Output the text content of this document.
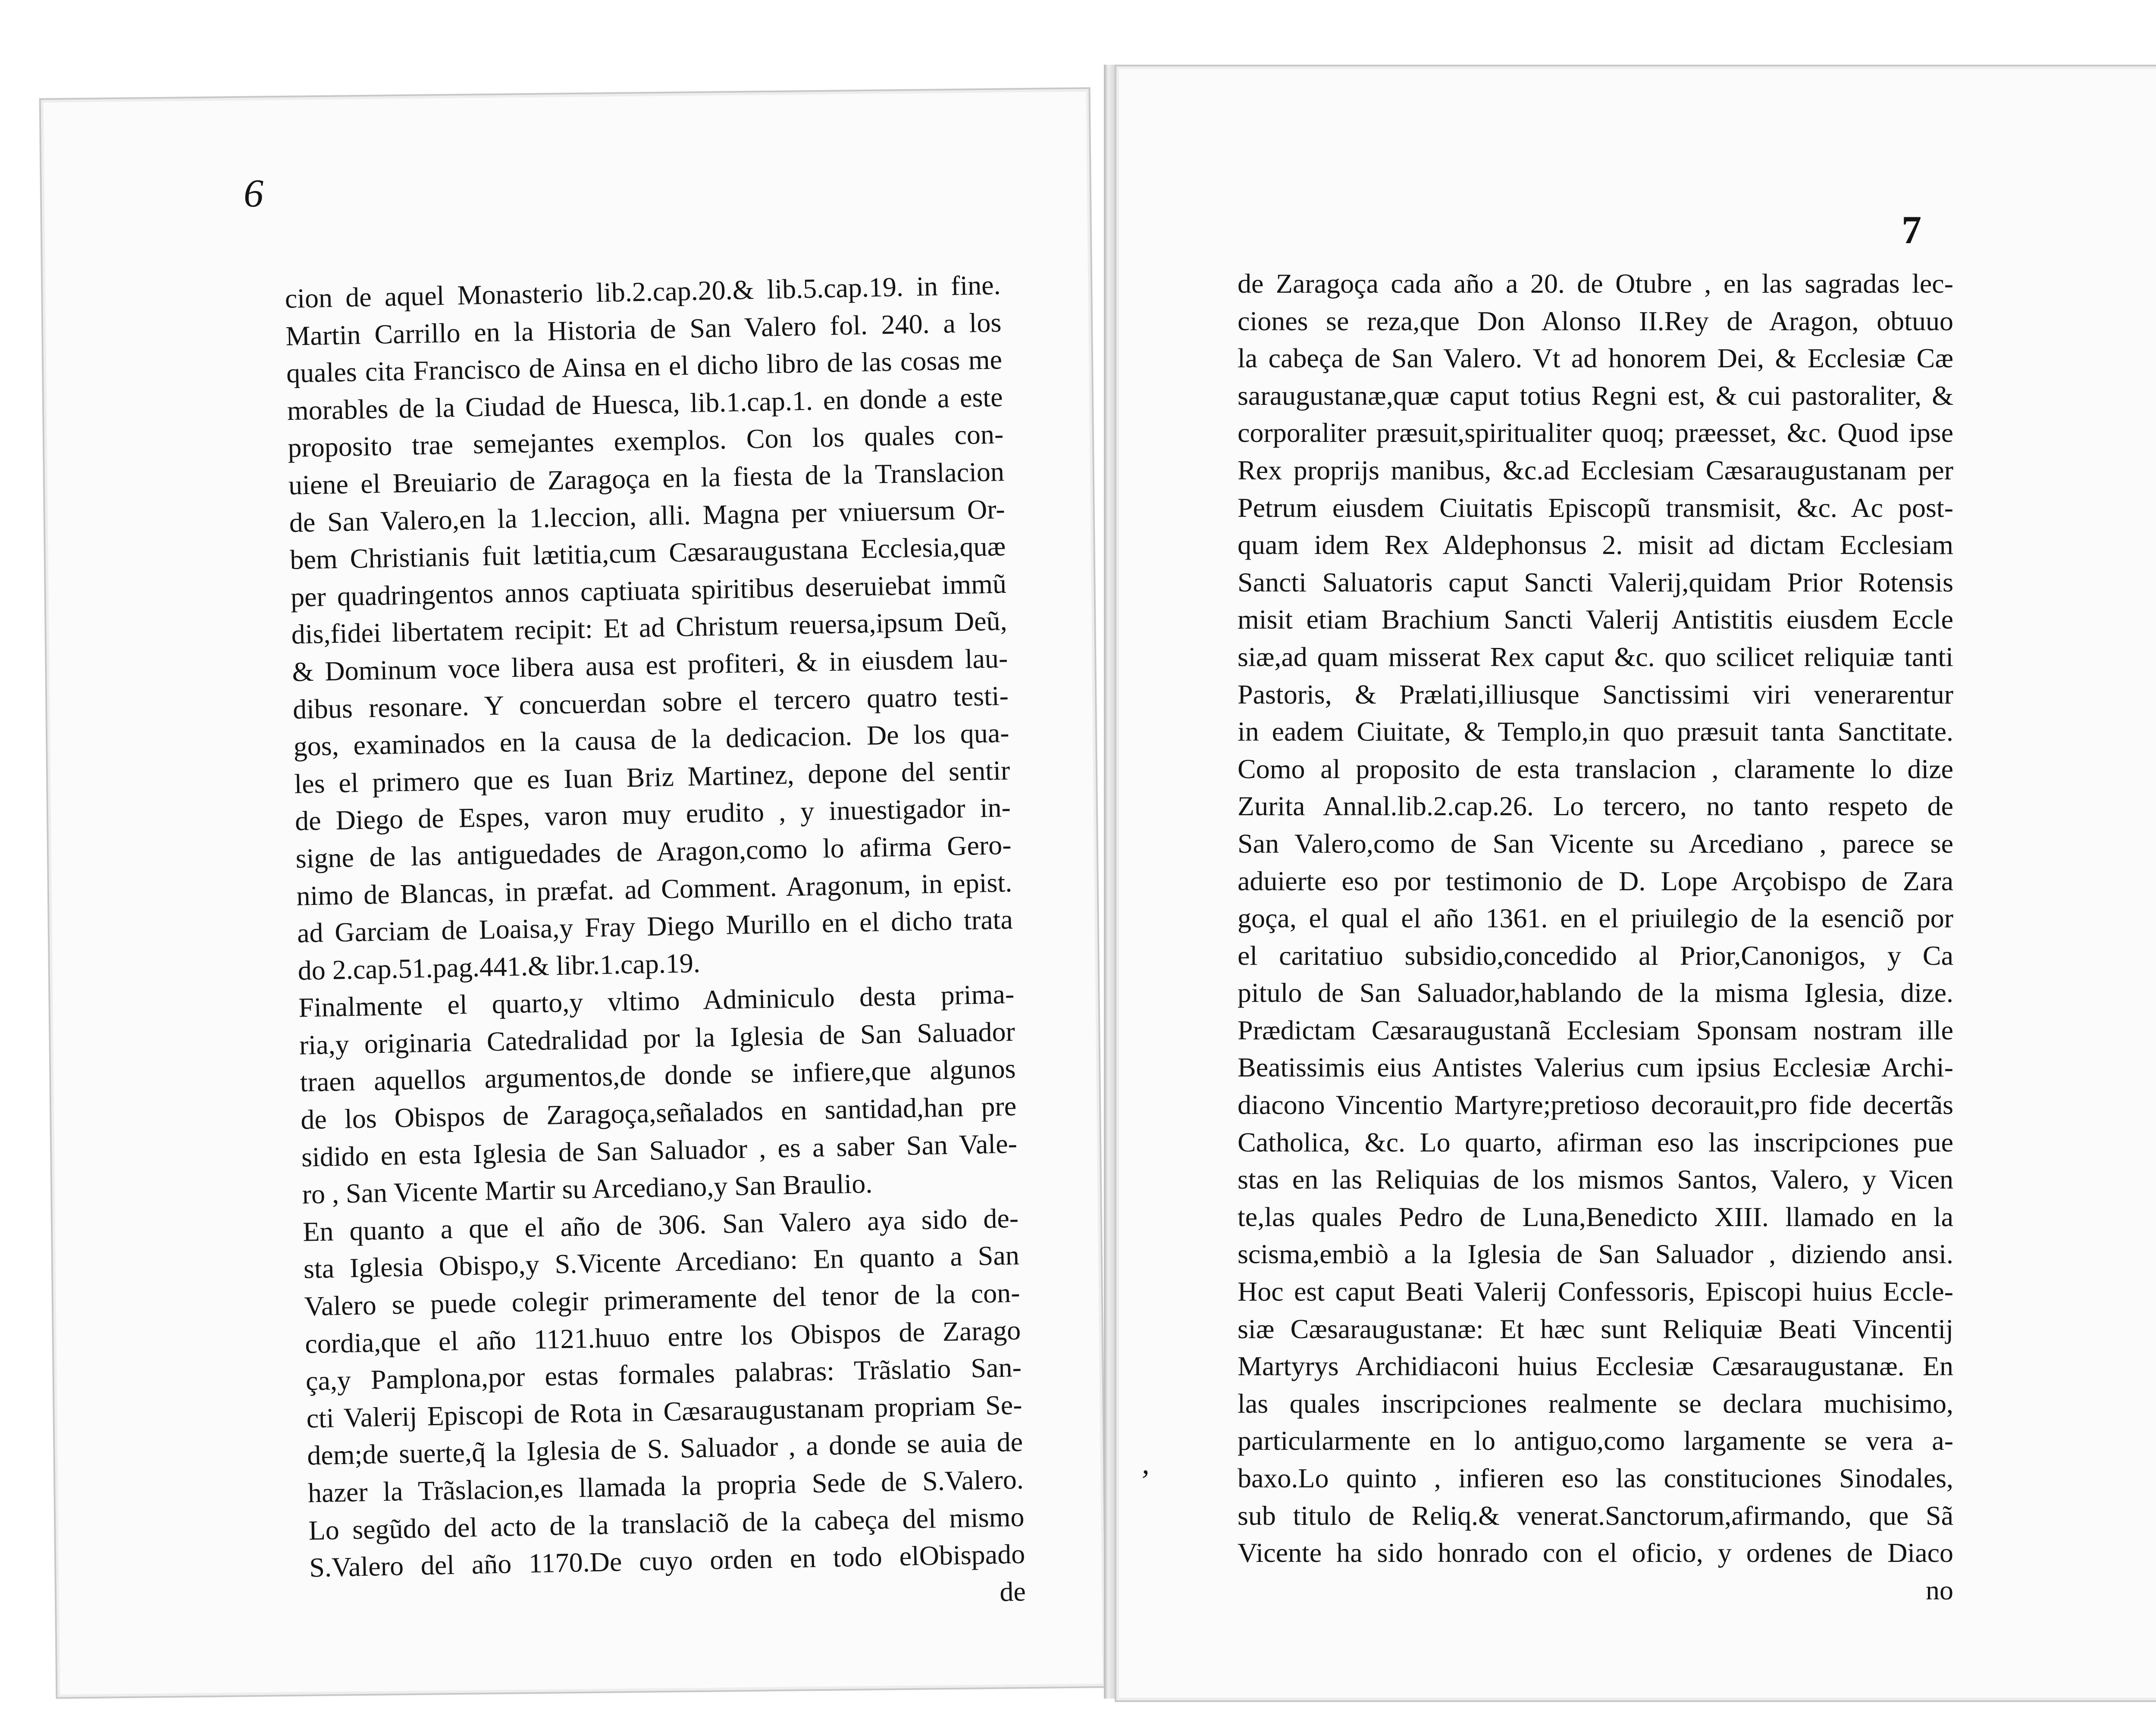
6
7
cion de aquel Monasterio lib.2.cap.20.& lib.5.cap.19. in fine.
Martin Carrillo en la Historia de San Valero fol. 240. a los
quales cita Francisco de Ainsa en el dicho libro de las cosas me
morables de la Ciudad de Huesca, lib.1.cap.1. en donde a este
proposito trae semejantes exemplos. Con los quales con-
uiene el Breuiario de Zaragoça en la fiesta de la Translacion
de San Valero,en la 1.leccion, alli. Magna per vniuersum Or-
bem Christianis fuit lætitia,cum Cæsaraugustana Ecclesia,quæ
per quadringentos annos captiuata spiritibus deseruiebat immũ
dis,fidei libertatem recipit: Et ad Christum reuersa,ipsum Deũ,
& Dominum voce libera ausa est profiteri, & in eiusdem lau-
dibus resonare. Y concuerdan sobre el tercero quatro testi-
gos, examinados en la causa de la dedicacion. De los qua-
les el primero que es Iuan Briz Martinez, depone del sentir
de Diego de Espes, varon muy erudito , y inuestigador in-
signe de las antiguedades de Aragon,como lo afirma Gero-
nimo de Blancas, in præfat. ad Comment. Aragonum, in epist.
ad Garciam de Loaisa,y Fray Diego Murillo en el dicho trata
do 2.cap.51.pag.441.& libr.1.cap.19.
Finalmente el quarto,y vltimo Adminiculo desta prima-
ria,y originaria Catedralidad por la Iglesia de San Saluador
traen aquellos argumentos,de donde se infiere,que algunos
de los Obispos de Zaragoça,señalados en santidad,han pre
sidido en esta Iglesia de San Saluador , es a saber San Vale-
ro , San Vicente Martir su Arcediano,y San Braulio.
En quanto a que el año de 306. San Valero aya sido de-
sta Iglesia Obispo,y S.Vicente Arcediano: En quanto a San
Valero se puede colegir primeramente del tenor de la con-
cordia,que el año 1121.huuo entre los Obispos de Zarago
ça,y Pamplona,por estas formales palabras: Trãslatio San-
cti Valerij Episcopi de Rota in Cæsaraugustanam propriam Se-
dem;de suerte,q̃ la Iglesia de S. Saluador , a donde se auia de
hazer la Trãslacion,es llamada la propria Sede de S.Valero.
Lo segũdo del acto de la translaciõ de la cabeça del mismo
S.Valero del año 1170.De cuyo orden en todo elObispado
de
de Zaragoça cada año a 20. de Otubre , en las sagradas lec-
ciones se reza,que Don Alonso II.Rey de Aragon, obtuuo
la cabeça de San Valero. Vt ad honorem Dei, & Ecclesiæ Cæ
saraugustanæ,quæ caput totius Regni est, & cui pastoraliter, &
corporaliter præsuit,spiritualiter quoq; præesset, &c. Quod ipse
Rex proprijs manibus, &c.ad Ecclesiam Cæsaraugustanam per
Petrum eiusdem Ciuitatis Episcopũ transmisit, &c. Ac post-
quam idem Rex Aldephonsus 2. misit ad dictam Ecclesiam
Sancti Saluatoris caput Sancti Valerij,quidam Prior Rotensis
misit etiam Brachium Sancti Valerij Antistitis eiusdem Eccle
siæ,ad quam misserat Rex caput &c. quo scilicet reliquiæ tanti
Pastoris, & Prælati,illiusque Sanctissimi viri venerarentur
in eadem Ciuitate, & Templo,in quo præsuit tanta Sanctitate.
Como al proposito de esta translacion , claramente lo dize
Zurita Annal.lib.2.cap.26. Lo tercero, no tanto respeto de
San Valero,como de San Vicente su Arcediano , parece se
aduierte eso por testimonio de D. Lope Arçobispo de Zara
goça, el qual el año 1361. en el priuilegio de la esenciõ por
el caritatiuo subsidio,concedido al Prior,Canonigos, y Ca
pitulo de San Saluador,hablando de la misma Iglesia, dize.
Prædictam Cæsaraugustanã Ecclesiam Sponsam nostram ille
Beatissimis eius Antistes Valerius cum ipsius Ecclesiæ Archi-
diacono Vincentio Martyre;pretioso decorauit,pro fide decertãs
Catholica, &c. Lo quarto, afirman eso las inscripciones pue
stas en las Reliquias de los mismos Santos, Valero, y Vicen
te,las quales Pedro de Luna,Benedicto XIII. llamado en la
scisma,embiò a la Iglesia de San Saluador , diziendo ansi.
Hoc est caput Beati Valerij Confessoris, Episcopi huius Eccle-
siæ Cæsaraugustanæ: Et hæc sunt Reliquiæ Beati Vincentij
Martyrys Archidiaconi huius Ecclesiæ Cæsaraugustanæ. En
las quales inscripciones realmente se declara muchisimo,
particularmente en lo antiguo,como largamente se vera a-
baxo.Lo quinto , infieren eso las constituciones Sinodales,
sub titulo de Reliq.& venerat.Sanctorum,afirmando, que Sã
Vicente ha sido honrado con el oficio, y ordenes de Diaco
no
ʼ
